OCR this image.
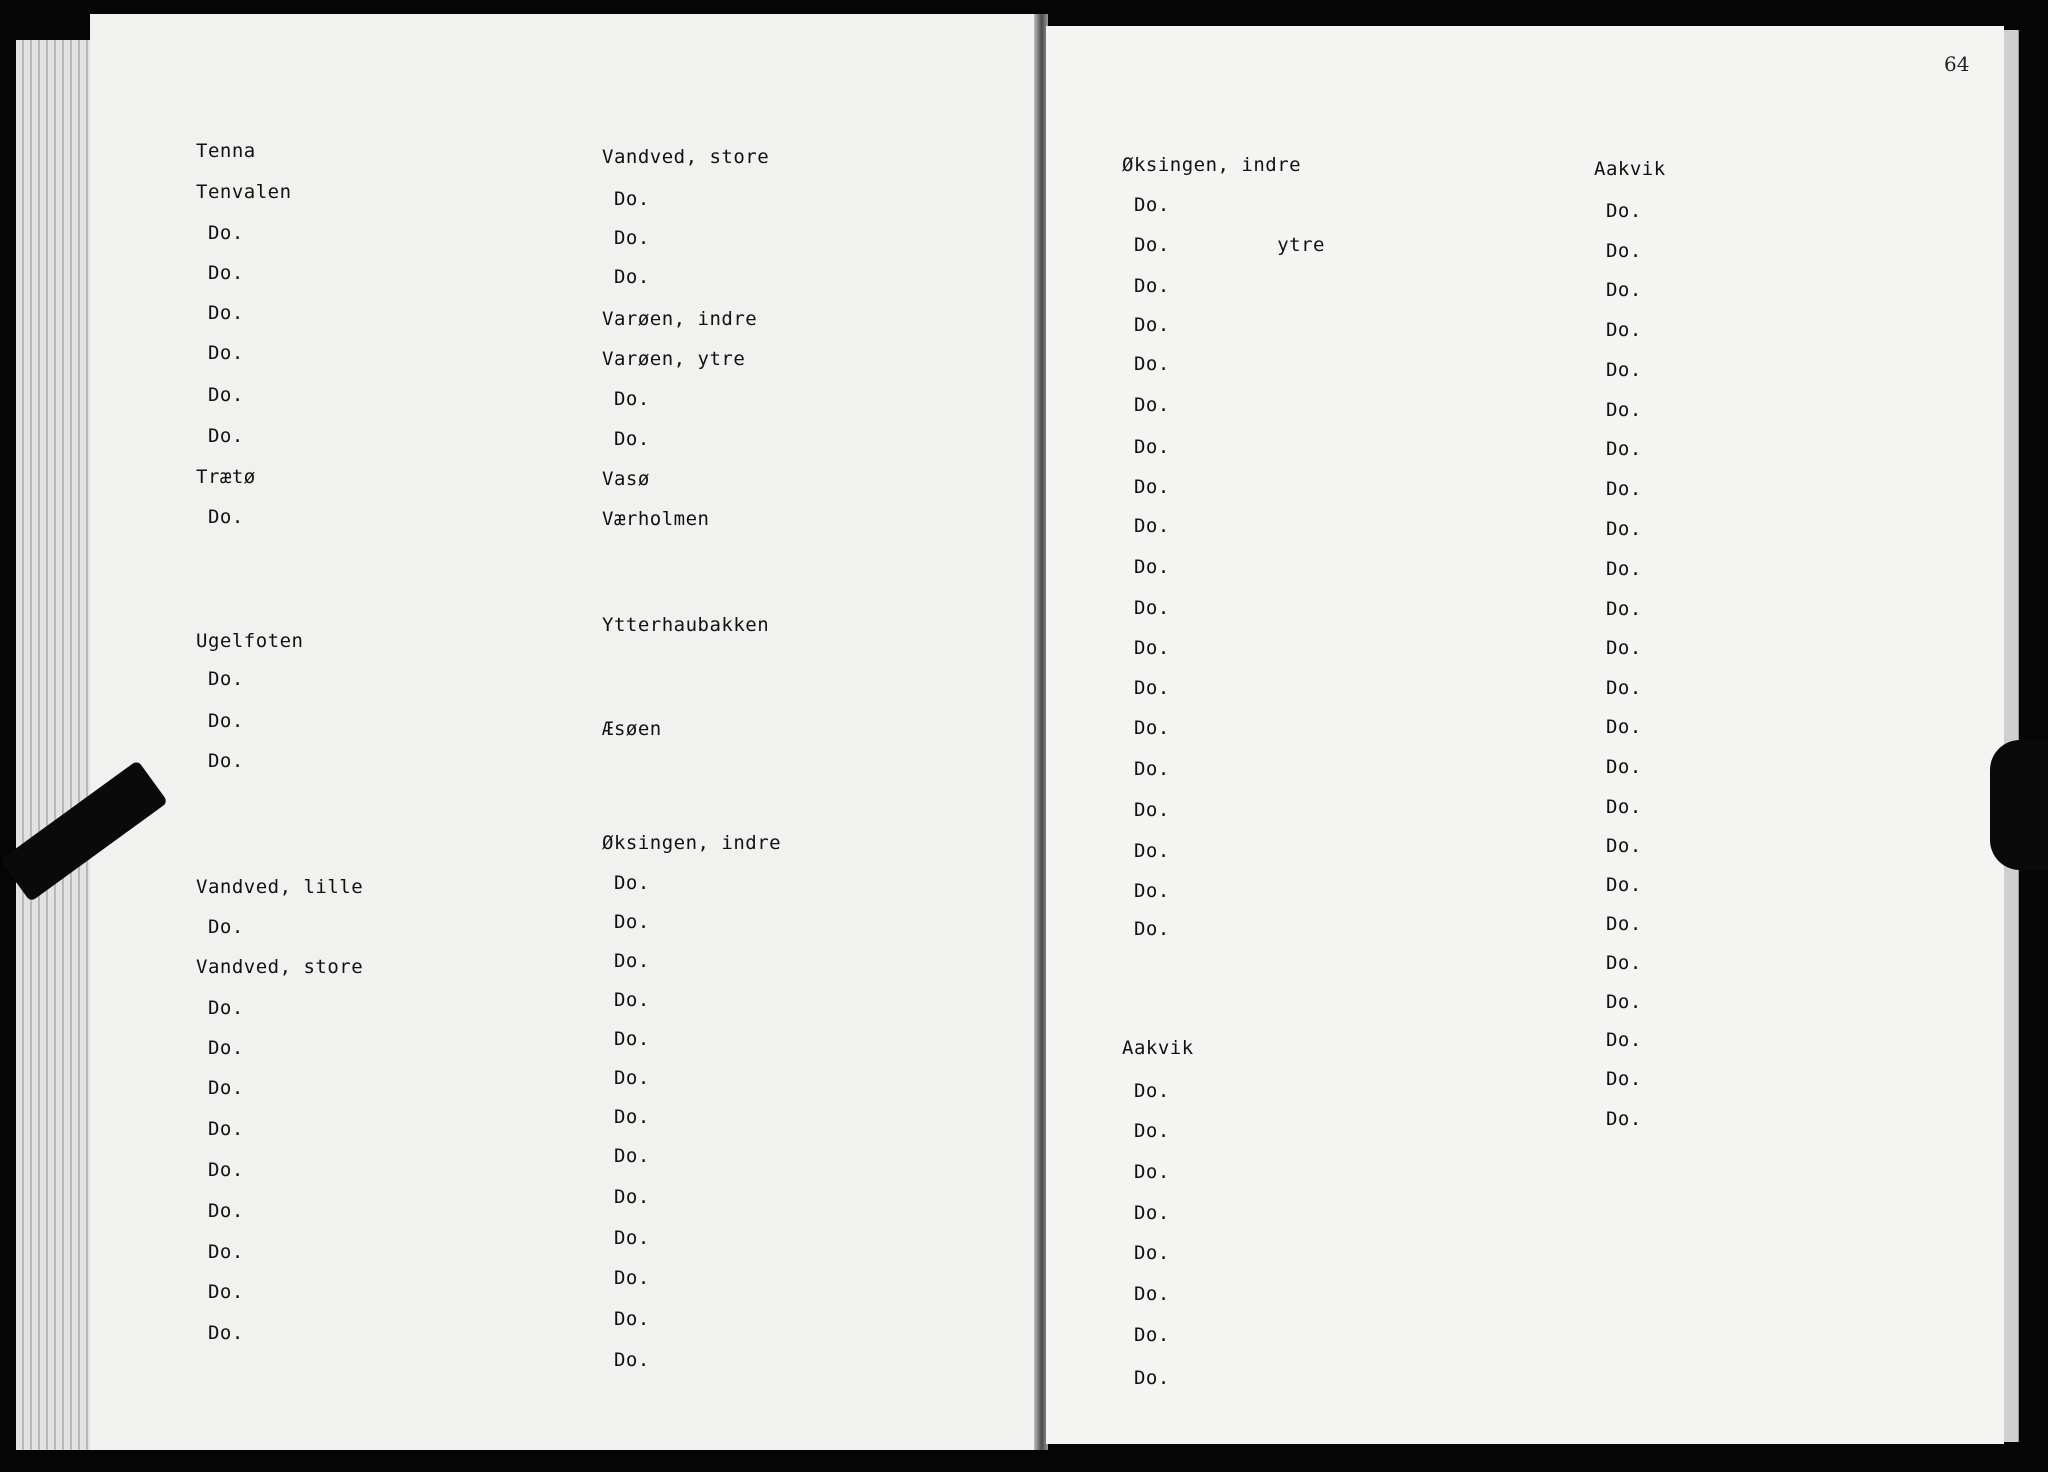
64
Tenna
Tenvalen
Do.
Do.
Do.
Do.
Do.
Do.
Trætø
Do.
Ugelfoten
Do.
Do.
Do.
Vandved, lille
Do.
Vandved, store
Do.
Do.
Do.
Do.
Do.
Do.
Do.
Do.
Do.
Vandved, store
Do.
Do.
Do.
Varøen, indre
Varøen, ytre
Do.
Do.
Vasø
Værholmen
Ytterhaubakken
Æsøen
Øksingen, indre
Do.
Do.
Do.
Do.
Do.
Do.
Do.
Do.
Do.
Do.
Do.
Do.
Do.
Øksingen, indre
Do.
Do.         ytre
Do.
Do.
Do.
Do.
Do.
Do.
Do.
Do.
Do.
Do.
Do.
Do.
Do.
Do.
Do.
Do.
Do.
Aakvik
Do.
Do.
Do.
Do.
Do.
Do.
Do.
Do.
Aakvik
Do.
Do.
Do.
Do.
Do.
Do.
Do.
Do.
Do.
Do.
Do.
Do.
Do.
Do.
Do.
Do.
Do.
Do.
Do.
Do.
Do.
Do.
Do.
Do.
